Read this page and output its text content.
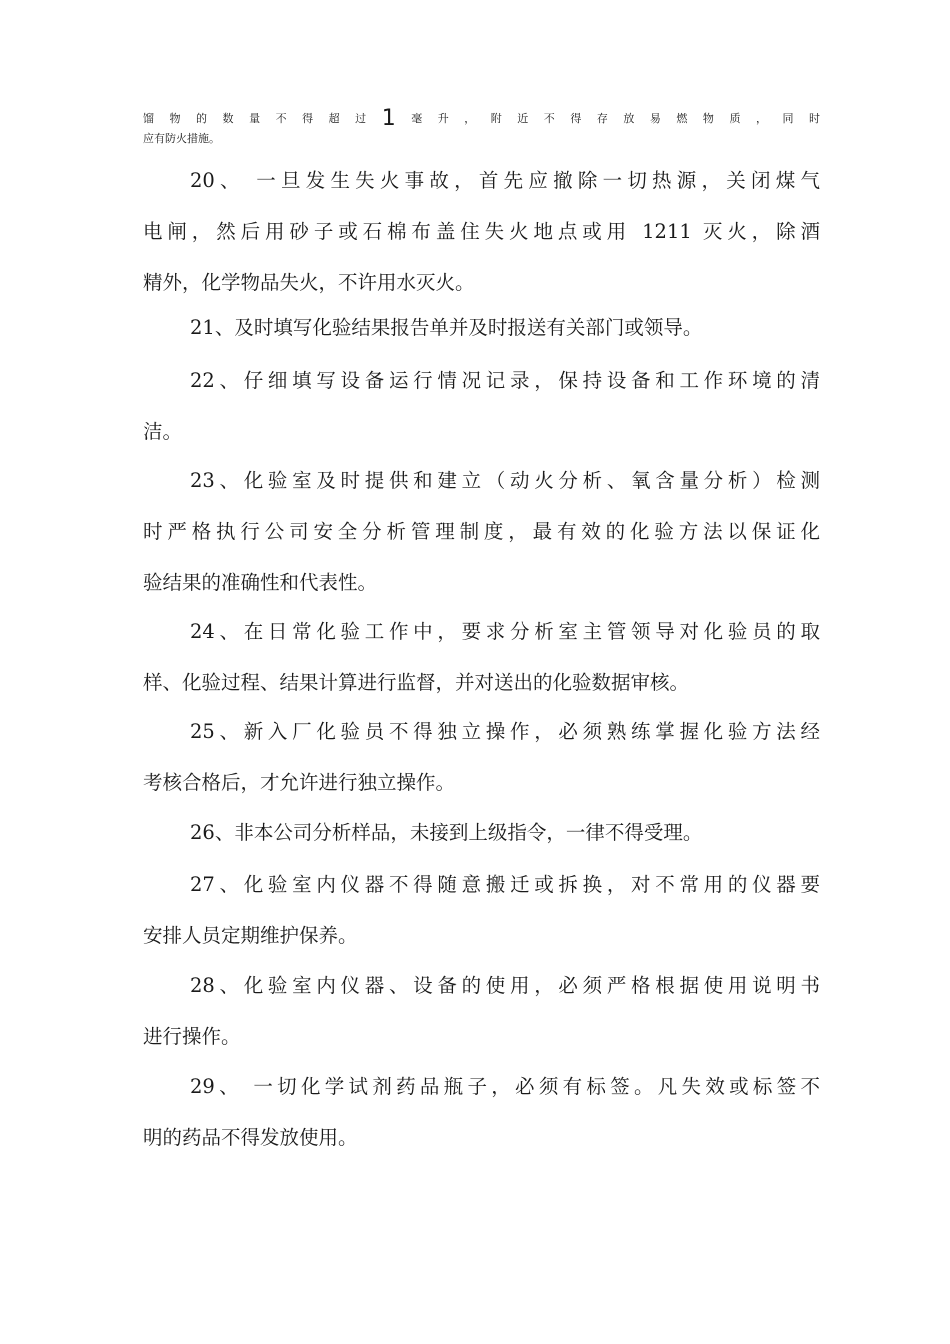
馏物的数量不得超过1毫升，附近不得存放易燃物质，同时
应有防火措施。
20、 一旦发生失火事故，首先应撤除一切热源，关闭煤气
电闸，然后用砂子或石棉布盖住失火地点或用 1211 灭火，除酒
精外，化学物品失火，不许用水灭火。
21、及时填写化验结果报告单并及时报送有关部门或领导。
22、仔细填写设备运行情况记录，保持设备和工作环境的清
洁。
23、化验室及时提供和建立（动火分析、氧含量分析）检测
时严格执行公司安全分析管理制度，最有效的化验方法以保证化
验结果的准确性和代表性。
24、在日常化验工作中，要求分析室主管领导对化验员的取
样、化验过程、结果计算进行监督，并对送出的化验数据审核。
25、新入厂化验员不得独立操作，必须熟练掌握化验方法经
考核合格后，才允许进行独立操作。
26、非本公司分析样品，未接到上级指令，一律不得受理。
27、化验室内仪器不得随意搬迁或拆换，对不常用的仪器要
安排人员定期维护保养。
28、化验室内仪器、设备的使用，必须严格根据使用说明书
进行操作。
29、 一切化学试剂药品瓶子，必须有标签。凡失效或标签不
明的药品不得发放使用。
